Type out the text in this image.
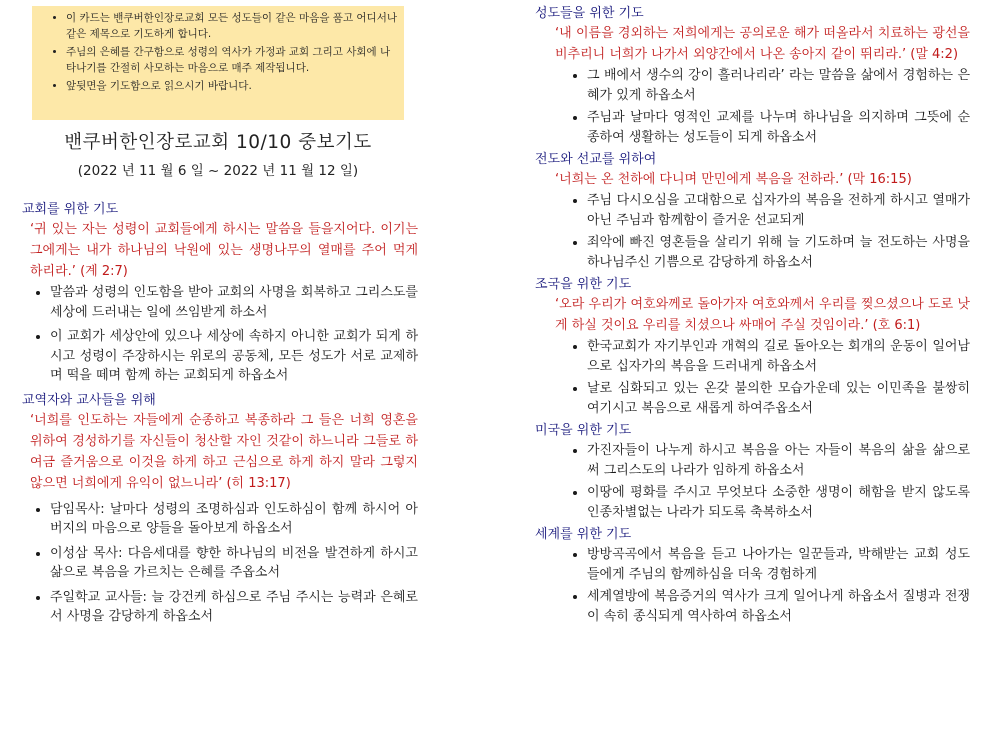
• 이 카드는 밴쿠버한인장로교회 모든 성도들이 같은 마음을 품고 어디서나 같은 제목으로 기도하게 합니다.
• 주님의 은혜를 간구함으로 성령의 역사가 가정과 교회 그리고 사회에 나타나기를 간절히 사모하는 마음으로 매주 제작됩니다.
• 앞뒷면을 기도함으로 읽으시기 바랍니다.
밴쿠버한인장로교회 10/10 중보기도
(2022 년 11 월 6 일 ~ 2022 년 11 월 12 일)

교회를 위한 기도

‘귀 있는 자는 성령이 교회들에게 하시는 말씀을 들을지어다. 이기는 그에게는 내가 하나님의 낙원에 있는 생명나무의 열매를 주어 먹게 하리라.’ (계 2:7)

• 말씀과 성령의 인도함을 받아 교회의 사명을 회복하고 그리스도를 세상에 드러내는 일에 쓰임받게 하소서
• 이 교회가 세상안에 있으나 세상에 속하지 아니한 교회가 되게 하시고 성령이 주장하시는 위로의 공동체, 모든 성도가 서로 교제하며 떡을 떼며 함께 하는 교회되게 하옵소서

교역자와 교사들을 위해

‘너희를 인도하는 자들에게 순종하고 복종하라 그 들은 너희 영혼을 위하여 경성하기를 자신들이 청산할 자인 것같이 하느니라 그들로 하여금 즐거움으로 이것을 하게 하고 근심으로 하게 하지 말라 그렇지 않으면 너희에게 유익이 없느니라’ (히 13:17)

• 담임목사: 날마다 성령의 조명하심과 인도하심이 함께 하시어 아버지의 마음으로 양들을 돌아보게 하옵소서
• 이성삼 목사: 다음세대를 향한 하나님의 비전을 발견하게 하시고 삶으로 복음을 가르치는 은혜를 주옵소서
• 주일학교 교사들: 늘 강건케 하심으로 주님 주시는 능력과 은혜로서 사명을 감당하게 하옵소서

성도들을 위한 기도

‘내 이름을 경외하는 저희에게는 공의로운 해가 떠올라서 치료하는 광선을 비추리니 너희가 나가서 외양간에서 나온 송아지 같이 뛰리라.’ (말 4:2)

• 그 배에서 생수의 강이 흘러나리라’ 라는 말씀을 삶에서 경험하는 은혜가 있게 하옵소서
• 주님과 날마다 영적인 교제를 나누며 하나님을 의지하며 그뜻에 순종하여 생활하는 성도들이 되게 하옵소서

전도와 선교를 위하여

‘너희는 온 천하에 다니며 만민에게 복음을 전하라.’ (막 16:15)

• 주님 다시오심을 고대함으로 십자가의 복음을 전하게 하시고 열매가 아닌 주님과 함께함이 즐거운 선교되게
• 죄악에 빠진 영혼들을 살리기 위해 늘 기도하며 늘 전도하는 사명을 하나님주신 기쁨으로 감당하게 하옵소서

조국을 위한 기도

‘오라 우리가 여호와께로 돌아가자 여호와께서 우리를 찢으셨으나 도로 낫게 하실 것이요 우리를 치셨으나 싸매어 주실 것임이라.’ (호 6:1)

• 한국교회가 자기부인과 개혁의 길로 돌아오는 회개의 운동이 일어남으로 십자가의 복음을 드러내게 하옵소서
• 날로 심화되고 있는 온갖 불의한 모습가운데 있는 이민족을 불쌍히 여기시고 복음으로 새롭게 하여주옵소서

미국을 위한 기도

• 가진자들이 나누게 하시고 복음을 아는 자들이 복음의 삶을 삶으로써 그리스도의 나라가 임하게 하옵소서
• 이땅에 평화를 주시고 무엇보다 소중한 생명이 해함을 받지 않도록 인종차별없는 나라가 되도록 축복하소서

세계를 위한 기도

• 방방곡곡에서 복음을 듣고 나아가는 일꾼들과, 박해받는 교회 성도들에게 주님의 함께하심을 더욱 경험하게
• 세계열방에 복음증거의 역사가 크게 일어나게 하옵소서 질병과 전쟁이 속히 종식되게 역사하여 하옵소서
